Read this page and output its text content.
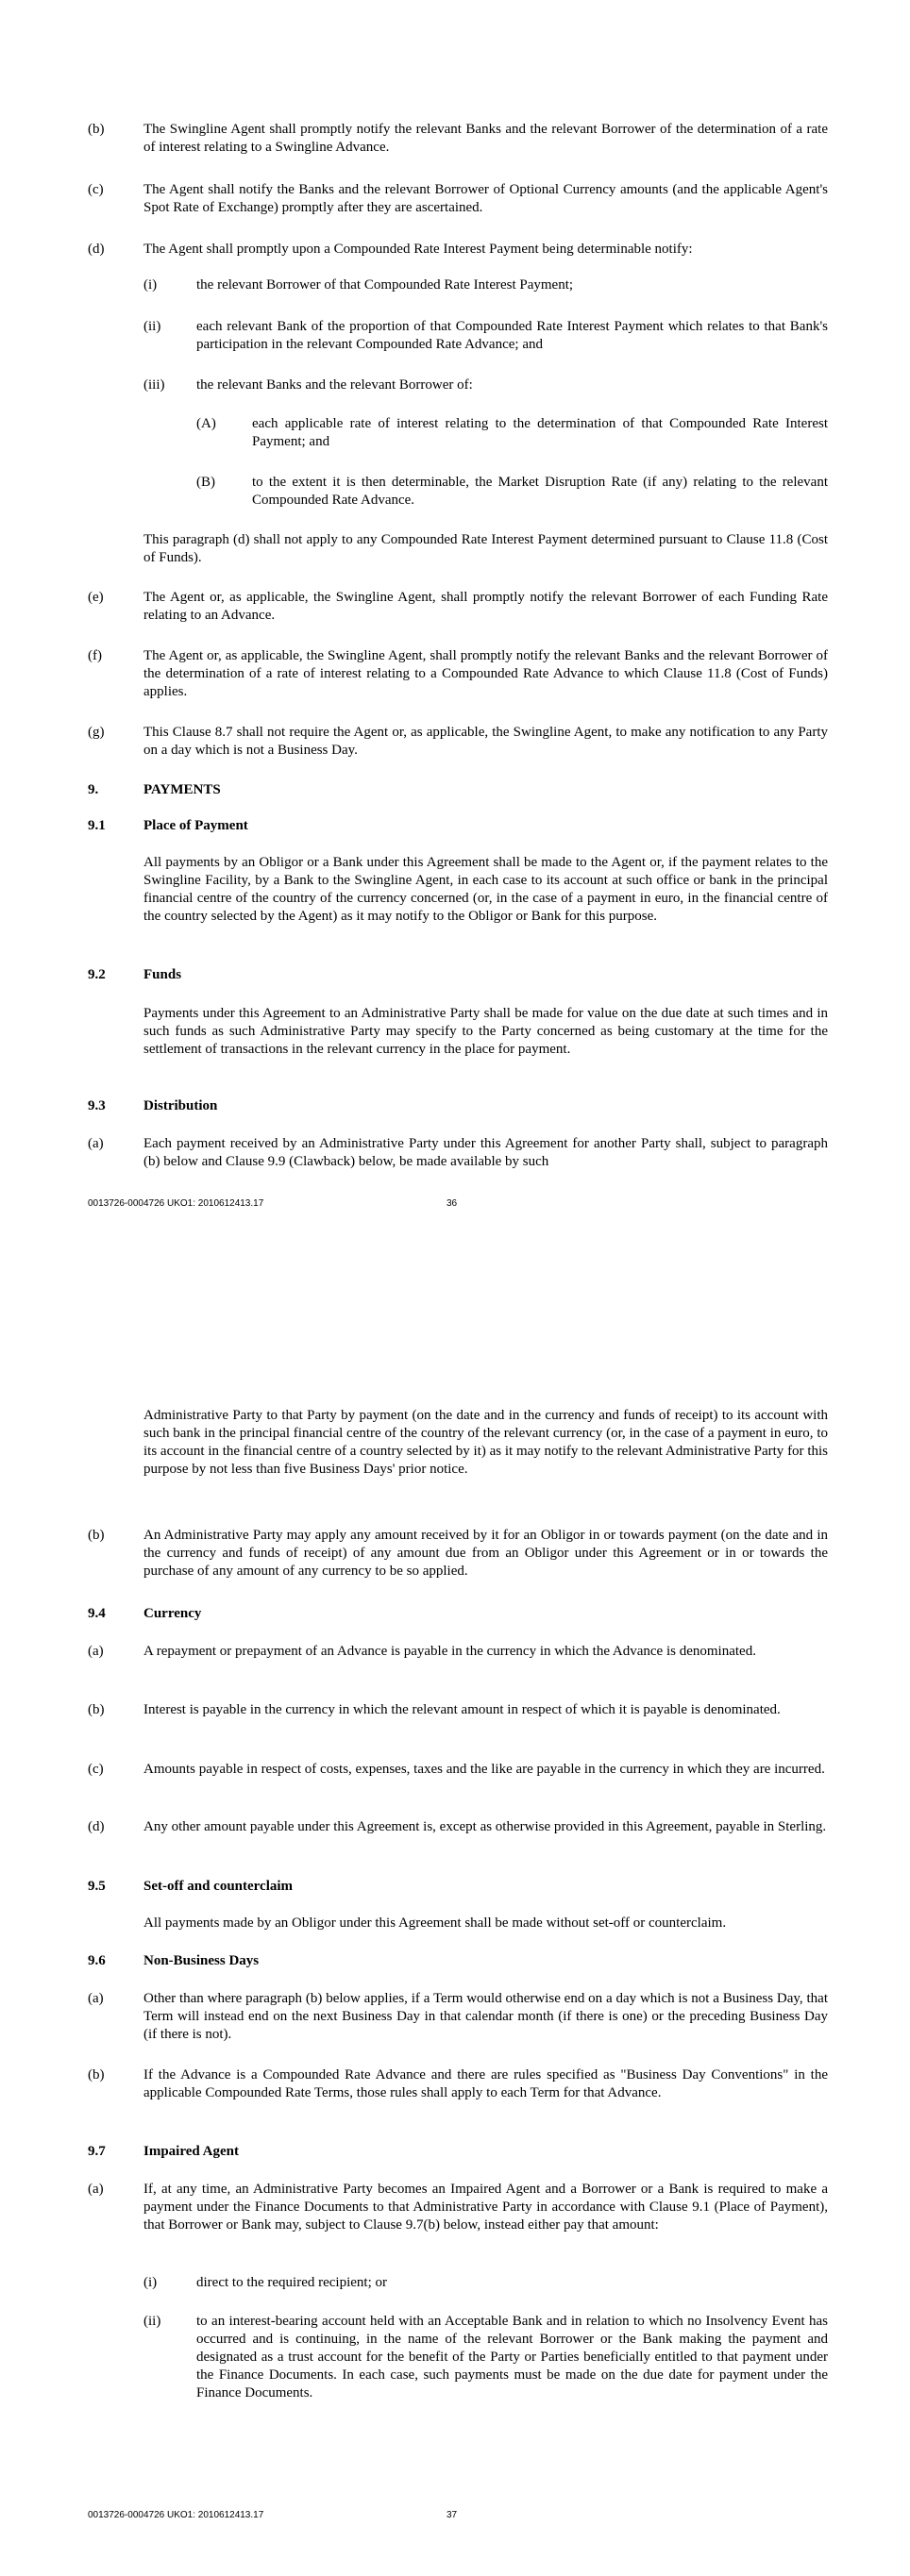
(b)	The Swingline Agent shall promptly notify the relevant Banks and the relevant Borrower of the determination of a rate of interest relating to a Swingline Advance.
(c)	The Agent shall notify the Banks and the relevant Borrower of Optional Currency amounts (and the applicable Agent's Spot Rate of Exchange) promptly after they are ascertained.
(d)	The Agent shall promptly upon a Compounded Rate Interest Payment being determinable notify:
(i)	the relevant Borrower of that Compounded Rate Interest Payment;
(ii)	each relevant Bank of the proportion of that Compounded Rate Interest Payment which relates to that Bank's participation in the relevant Compounded Rate Advance; and
(iii) the relevant Banks and the relevant Borrower of:
(A)	each applicable rate of interest relating to the determination of that Compounded Rate Interest Payment; and
(B)	to the extent it is then determinable, the Market Disruption Rate (if any) relating to the relevant Compounded Rate Advance.
This paragraph (d) shall not apply to any Compounded Rate Interest Payment determined pursuant to Clause 11.8 (Cost of Funds).
(e)	The Agent or, as applicable, the Swingline Agent, shall promptly notify the relevant Borrower of each Funding Rate relating to an Advance.
(f)	The Agent or, as applicable, the Swingline Agent, shall promptly notify the relevant Banks and the relevant Borrower of the determination of a rate of interest relating to a Compounded Rate Advance to which Clause 11.8 (Cost of Funds) applies.
(g)	This Clause 8.7 shall not require the Agent or, as applicable, the Swingline Agent, to make any notification to any Party on a day which is not a Business Day.
9.	PAYMENTS
9.1	Place of Payment
All payments by an Obligor or a Bank under this Agreement shall be made to the Agent or, if the payment relates to the Swingline Facility, by a Bank to the Swingline Agent, in each case to its account at such office or bank in the principal financial centre of the country of the currency concerned (or, in the case of a payment in euro, in the financial centre of the country selected by the Agent) as it may notify to the Obligor or Bank for this purpose.
9.2	Funds
Payments under this Agreement to an Administrative Party shall be made for value on the due date at such times and in such funds as such Administrative Party may specify to the Party concerned as being customary at the time for the settlement of transactions in the relevant currency in the place for payment.
9.3	Distribution
(a)	Each payment received by an Administrative Party under this Agreement for another Party shall, subject to paragraph (b) below and Clause 9.9 (Clawback) below, be made available by such
0013726-0004726 UKO1: 2010612413.17	36
Administrative Party to that Party by payment (on the date and in the currency and funds of receipt) to its account with such bank in the principal financial centre of the country of the relevant currency (or, in the case of a payment in euro, to its account in the financial centre of a country selected by it) as it may notify to the relevant Administrative Party for this purpose by not less than five Business Days' prior notice.
(b)	An Administrative Party may apply any amount received by it for an Obligor in or towards payment (on the date and in the currency and funds of receipt) of any amount due from an Obligor under this Agreement or in or towards the purchase of any amount of any currency to be so applied.
9.4	Currency
(a)	A repayment or prepayment of an Advance is payable in the currency in which the Advance is denominated.
(b)	Interest is payable in the currency in which the relevant amount in respect of which it is payable is denominated.
(c)	Amounts payable in respect of costs, expenses, taxes and the like are payable in the currency in which they are incurred.
(d)	Any other amount payable under this Agreement is, except as otherwise provided in this Agreement, payable in Sterling.
9.5	Set-off and counterclaim
All payments made by an Obligor under this Agreement shall be made without set-off or counterclaim.
9.6	Non-Business Days
(a)	Other than where paragraph (b) below applies, if a Term would otherwise end on a day which is not a Business Day, that Term will instead end on the next Business Day in that calendar month (if there is one) or the preceding Business Day (if there is not).
(b)	If the Advance is a Compounded Rate Advance and there are rules specified as "Business Day Conventions" in the applicable Compounded Rate Terms, those rules shall apply to each Term for that Advance.
9.7	Impaired Agent
(a)	If, at any time, an Administrative Party becomes an Impaired Agent and a Borrower or a Bank is required to make a payment under the Finance Documents to that Administrative Party in accordance with Clause 9.1 (Place of Payment), that Borrower or Bank may, subject to Clause 9.7(b) below, instead either pay that amount:
(i)	direct to the required recipient; or
(ii)	to an interest-bearing account held with an Acceptable Bank and in relation to which no Insolvency Event has occurred and is continuing, in the name of the relevant Borrower or the Bank making the payment and designated as a trust account for the benefit of the Party or Parties beneficially entitled to that payment under the Finance Documents. In each case, such payments must be made on the due date for payment under the Finance Documents.
0013726-0004726 UKO1: 2010612413.17	37
